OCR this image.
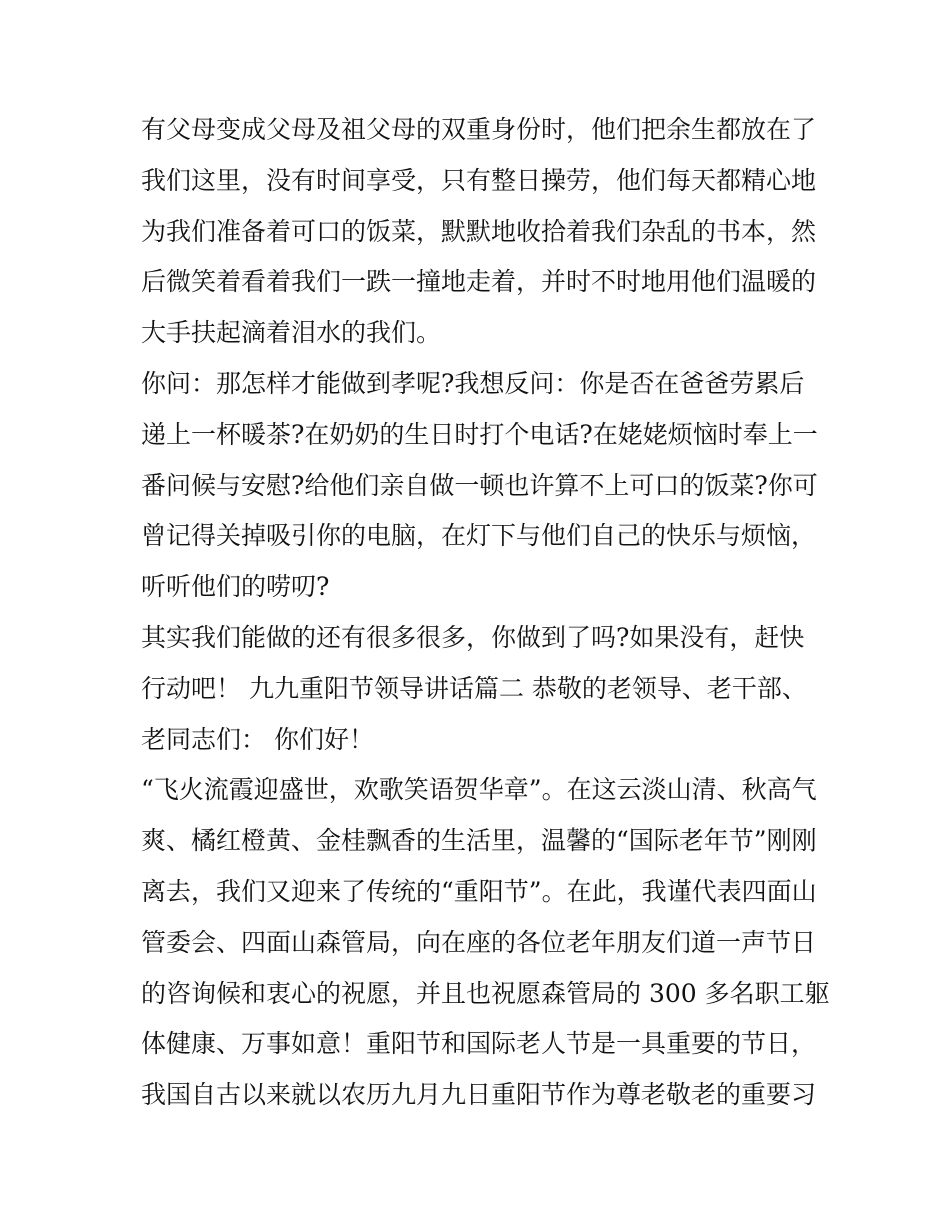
有父母变成父母及祖父母的双重身份时，他们把余生都放在了
我们这里，没有时间享受，只有整日操劳，他们每天都精心地
为我们准备着可口的饭菜，默默地收拾着我们杂乱的书本，然
后微笑着看着我们一跌一撞地走着，并时不时地用他们温暖的
大手扶起滴着泪水的我们。
你问：那怎样才能做到孝呢?我想反问：你是否在爸爸劳累后
递上一杯暖茶?在奶奶的生日时打个电话?在姥姥烦恼时奉上一
番问候与安慰?给他们亲自做一顿也许算不上可口的饭菜?你可
曾记得关掉吸引你的电脑，在灯下与他们自己的快乐与烦恼，
听听他们的唠叨?
其实我们能做的还有很多很多，你做到了吗?如果没有，赶快
行动吧！ 九九重阳节领导讲话篇二 恭敬的老领导、老干部、
老同志们： 你们好！
“飞火流霞迎盛世，欢歌笑语贺华章”。在这云淡山清、秋高气
爽、橘红橙黄、金桂飘香的生活里，温馨的“国际老年节”刚刚
离去，我们又迎来了传统的“重阳节”。在此，我谨代表四面山
管委会、四面山森管局，向在座的各位老年朋友们道一声节日
的咨询候和衷心的祝愿，并且也祝愿森管局的 300 多名职工躯
体健康、万事如意！重阳节和国际老人节是一具重要的节日，
我国自古以来就以农历九月九日重阳节作为尊老敬老的重要习
